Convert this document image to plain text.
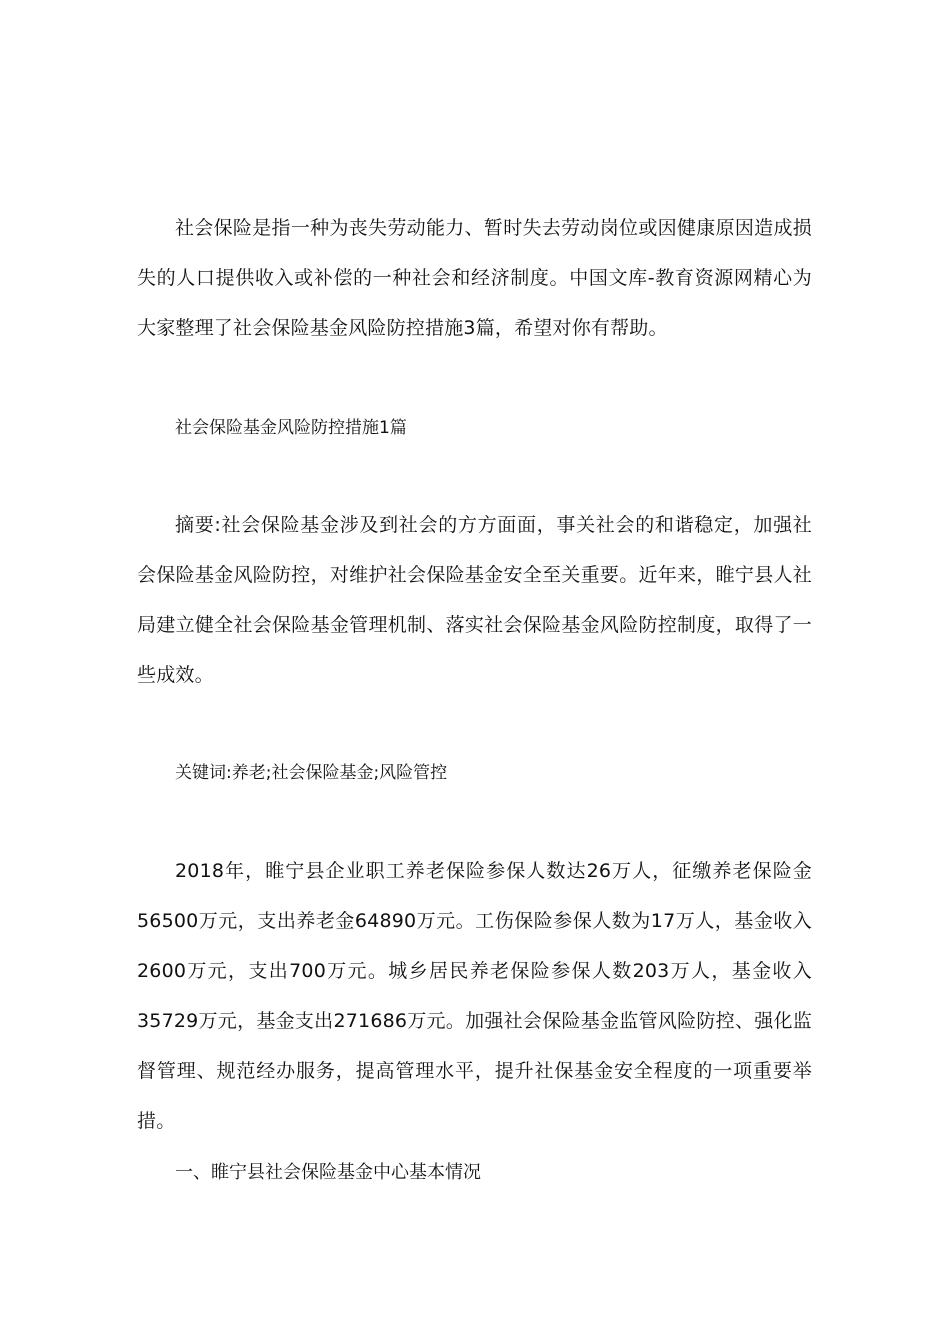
社会保险是指一种为丧失劳动能力、暂时失去劳动岗位或因健康原因造成损失的人口提供收入或补偿的一种社会和经济制度。中国文库-教育资源网精心为大家整理了社会保险基金风险防控措施3篇，希望对你有帮助。

社会保险基金风险防控措施1篇

摘要:社会保险基金涉及到社会的方方面面，事关社会的和谐稳定，加强社会保险基金风险防控，对维护社会保险基金安全至关重要。近年来，睢宁县人社局建立健全社会保险基金管理机制、落实社会保险基金风险防控制度，取得了一些成效。

关键词:养老;社会保险基金;风险管控

2018年，睢宁县企业职工养老保险参保人数达26万人，征缴养老保险金56500万元，支出养老金64890万元。工伤保险参保人数为17万人，基金收入2600万元，支出700万元。城乡居民养老保险参保人数203万人，基金收入35729万元，基金支出271686万元。加强社会保险基金监管风险防控、强化监督管理、规范经办服务，提高管理水平，提升社保基金安全程度的一项重要举措。

一、睢宁县社会保险基金中心基本情况
